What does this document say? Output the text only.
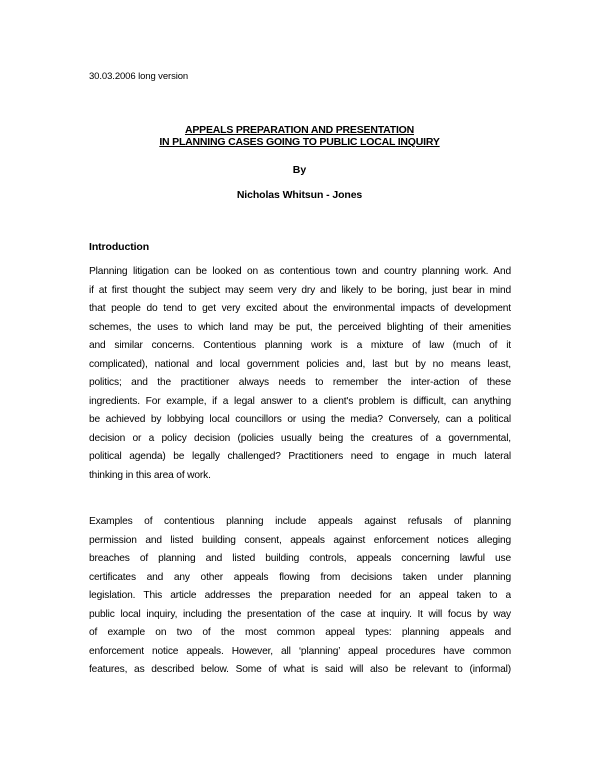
30.03.2006 long version
APPEALS PREPARATION AND PRESENTATION
IN PLANNING CASES GOING TO PUBLIC LOCAL INQUIRY
By
Nicholas Whitsun - Jones
Introduction
Planning litigation can be looked on as contentious town and country planning work. And
if at first thought the subject may seem very dry and likely to be boring, just bear in mind
that people do tend to get very excited about the environmental impacts of development
schemes, the uses to which land may be put, the perceived blighting of their amenities
and similar concerns. Contentious planning work is a mixture of law (much of it
complicated), national and local government policies and, last but by no means least,
politics; and the practitioner always needs to remember the inter-action of these
ingredients. For example, if a legal answer to a client's problem is difficult, can anything
be achieved by lobbying local councillors or using the media? Conversely, can a political
decision or a policy decision (policies usually being the creatures of a governmental,
political agenda) be legally challenged? Practitioners need to engage in much lateral
thinking in this area of work.
Examples of contentious planning include appeals against refusals of planning
permission and listed building consent, appeals against enforcement notices alleging
breaches of planning and listed building controls, appeals concerning lawful use
certificates and any other appeals flowing from decisions taken under planning
legislation. This article addresses the preparation needed for an appeal taken to a
public local inquiry, including the presentation of the case at inquiry. It will focus by way
of example on two of the most common appeal types: planning appeals and
enforcement notice appeals. However, all ‘planning’ appeal procedures have common
features, as described below. Some of what is said will also be relevant to (informal)
